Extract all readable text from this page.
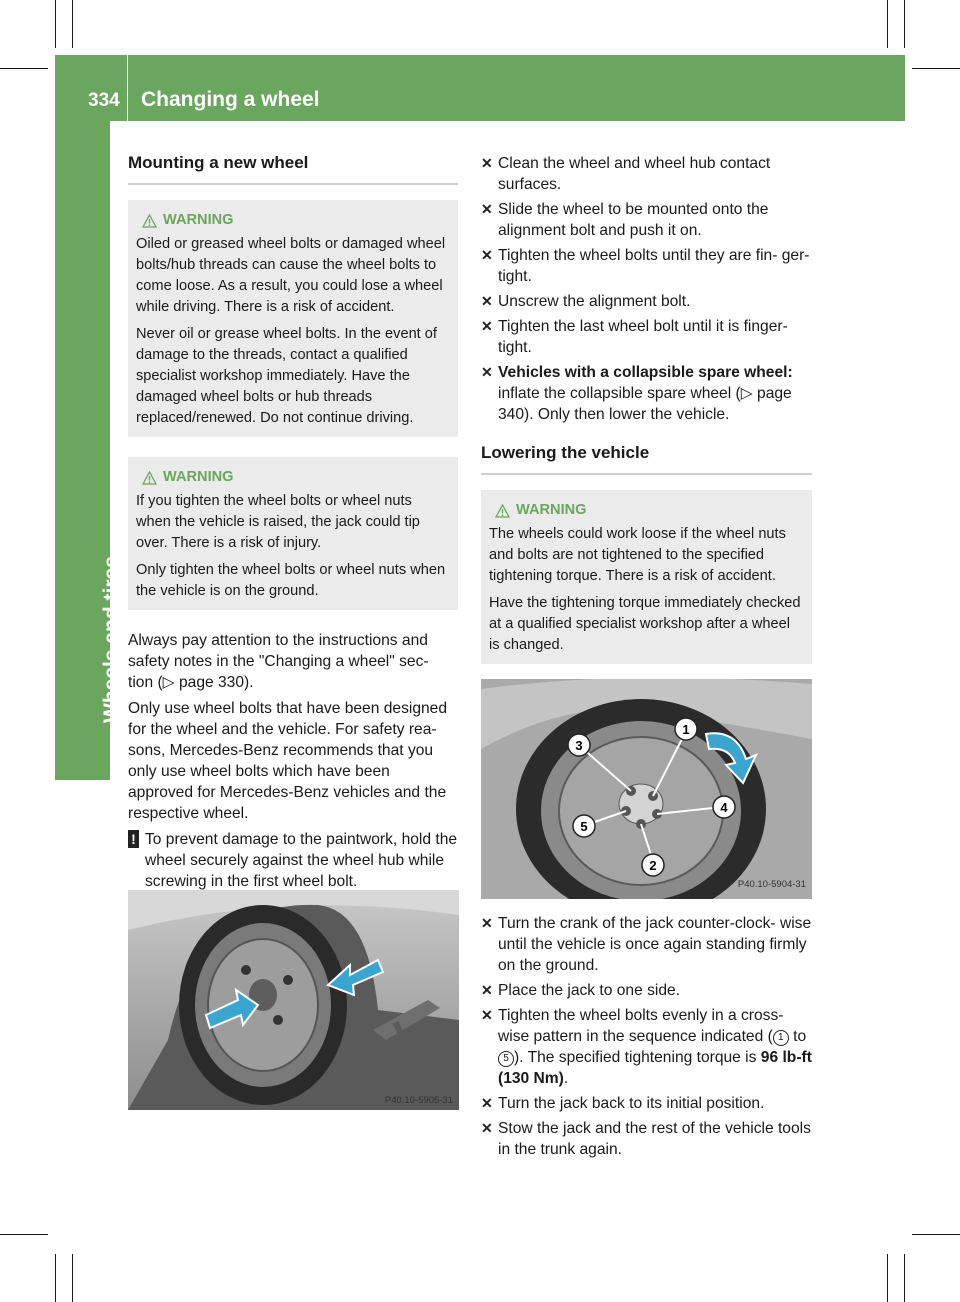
334 Changing a wheel
Wheels and tires
Mounting a new wheel
WARNING

Oiled or greased wheel bolts or damaged wheel bolts/hub threads can cause the wheel bolts to come loose. As a result, you could lose a wheel while driving. There is a risk of accident.

Never oil or grease wheel bolts. In the event of damage to the threads, contact a qualified specialist workshop immediately. Have the damaged wheel bolts or hub threads replaced/renewed. Do not continue driving.

WARNING

If you tighten the wheel bolts or wheel nuts when the vehicle is raised, the jack could tip over. There is a risk of injury.

Only tighten the wheel bolts or wheel nuts when the vehicle is on the ground.

Always pay attention to the instructions and safety notes in the "Changing a wheel" sec- tion (▷ page 330).

Only use wheel bolts that have been designed for the wheel and the vehicle. For safety rea- sons, Mercedes-Benz recommends that you only use wheel bolts which have been approved for Mercedes-Benz vehicles and the respective wheel.

! To prevent damage to the paintwork, hold the wheel securely against the wheel hub while screwing in the first wheel bolt.
P40.10-5905-31
✕ Clean the wheel and wheel hub contact surfaces.
✕ Slide the wheel to be mounted onto the alignment bolt and push it on.
✕ Tighten the wheel bolts until they are fin- ger-tight.
✕ Unscrew the alignment bolt.
✕ Tighten the last wheel bolt until it is finger- tight.
✕ Vehicles with a collapsible spare wheel: inflate the collapsible spare wheel (▷ page 340). Only then lower the vehicle.
Lowering the vehicle
WARNING

The wheels could work loose if the wheel nuts and bolts are not tightened to the specified tightening torque. There is a risk of accident.

Have the tightening torque immediately checked at a qualified specialist workshop after a wheel is changed.

1
2
3
4
5
P40.10-5904-31
✕ Turn the crank of the jack counter-clock- wise until the vehicle is once again standing firmly on the ground.
✕ Place the jack to one side.
✕ Tighten the wheel bolts evenly in a cross- wise pattern in the sequence indicated ( 1 to 5 ). The specified tightening torque is 96 lb-ft (130 Nm).
✕ Turn the jack back to its initial position.
✕ Stow the jack and the rest of the vehicle tools in the trunk again.
